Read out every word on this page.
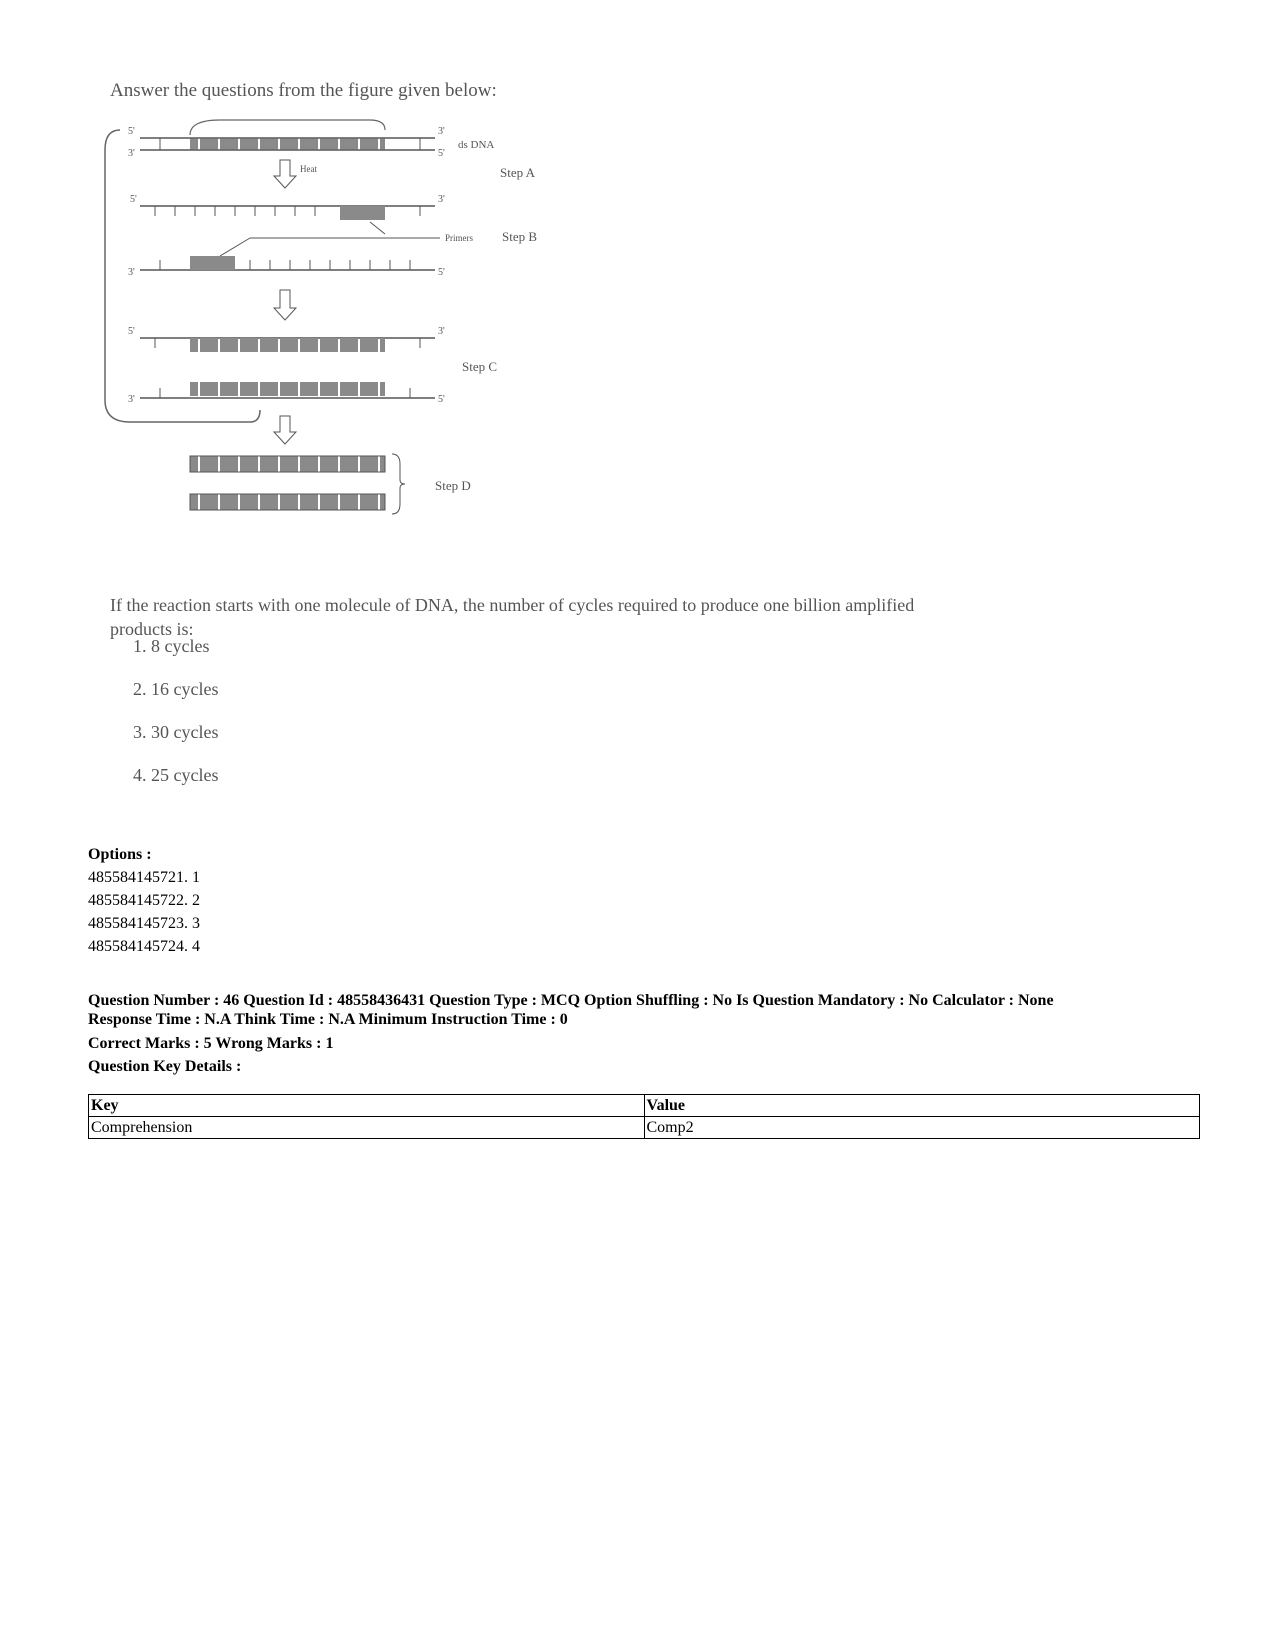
Answer the questions from the figure given below:
5'
3'
3'
5'
ds DNA
Heat	Step A
5'	3'
Primers Step B
3'	5'
5'	3'
3'	5'
Step C
Step D
If the reaction starts with one molecule of DNA, the number of cycles required to produce one billion amplified products is:
1. 8 cycles
2. 16 cycles
3. 30 cycles
4. 25 cycles
Options :
485584145721. 1
485584145722. 2
485584145723. 3
485584145724. 4
Question Number : 46 Question Id : 48558436431 Question Type : MCQ Option Shuffling : No Is Question Mandatory : No Calculator : None
Response Time : N.A Think Time : N.A Minimum Instruction Time : 0
Correct Marks : 5 Wrong Marks : 1
Question Key Details :
Key	Value
Comprehension	Comp2
